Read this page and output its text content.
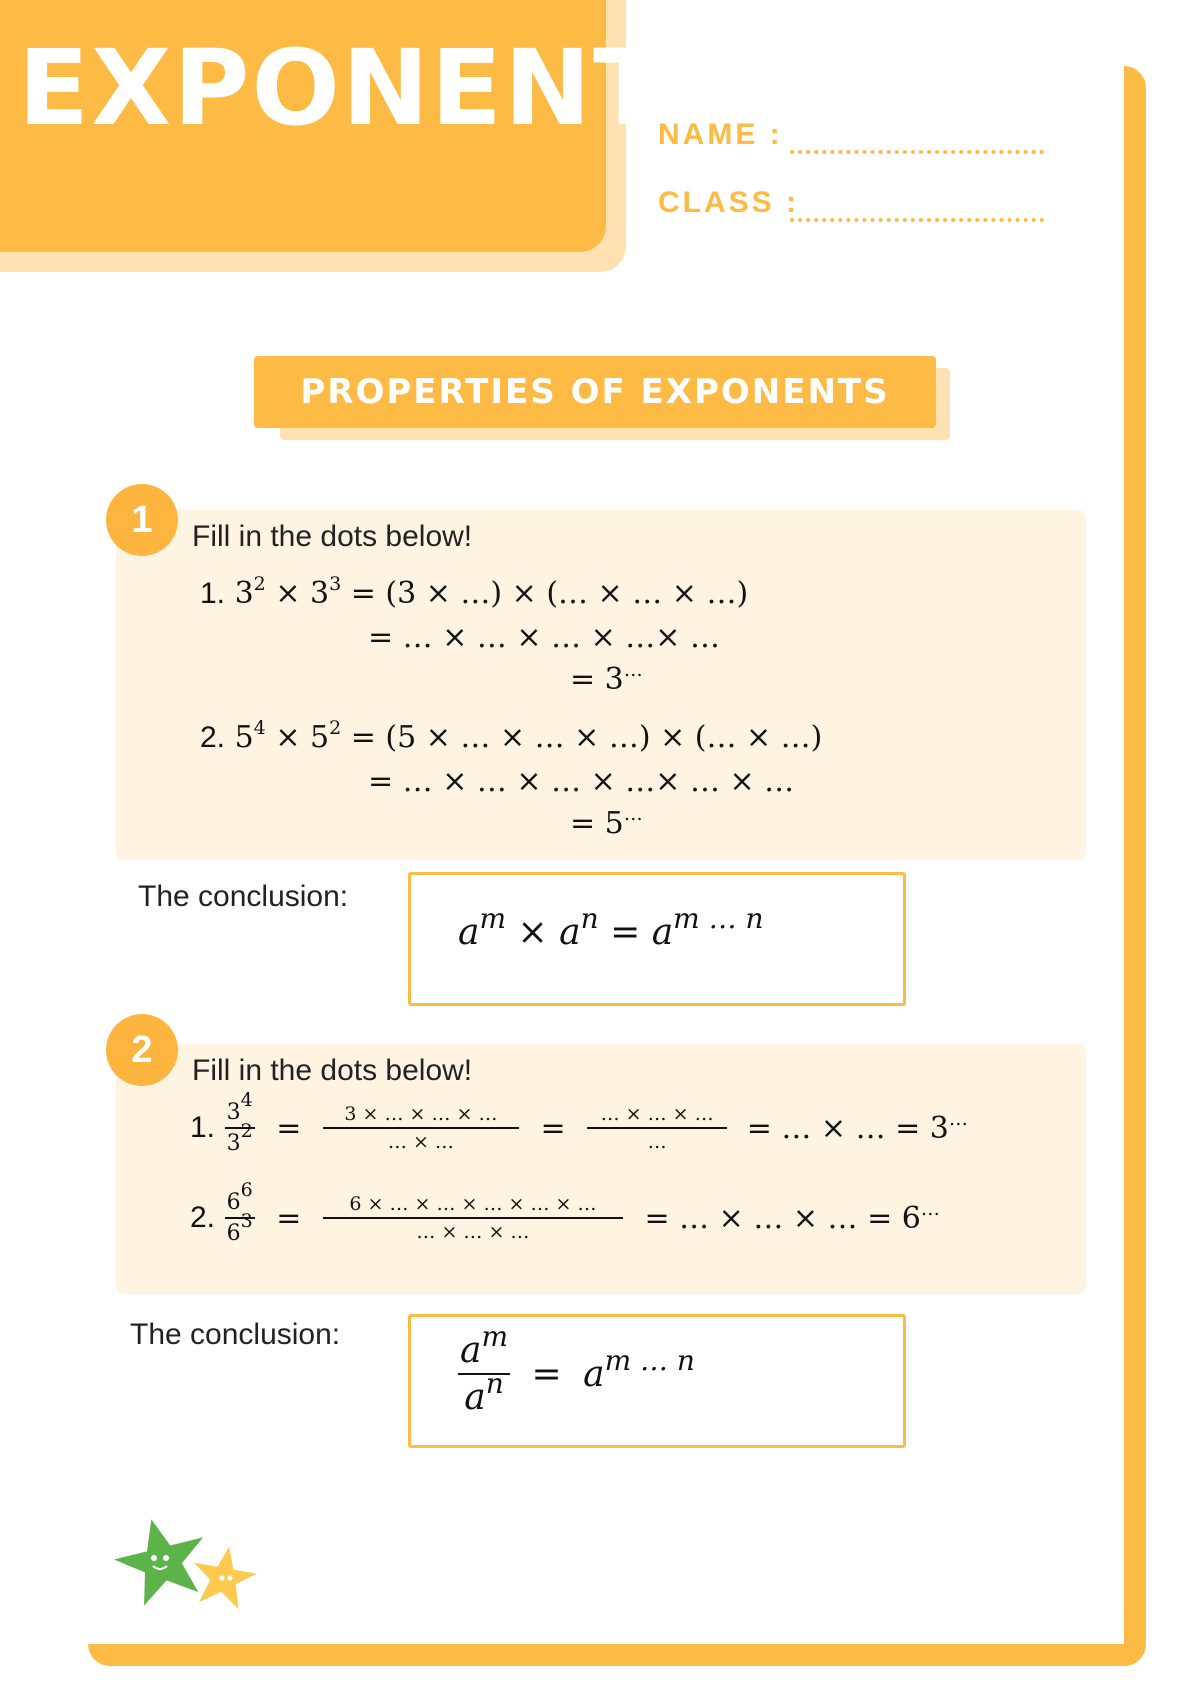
EXPONENT
NAME :
CLASS :
PROPERTIES OF EXPONENTS
1	Fill in the dots below!
1. $3^2 \times 3^3 = (3$ × …) × (… × … × …)
= … × … × … × …× …
= 3…
2. $5^4 \times 5^2 = (5$ × … × … × …) × (… × …)
= … × … × … × …× … × …
= 5…
The conclusion:
$a^m \times a^n = a^{m \dots n}$
2	Fill in the dots below!
1. $\frac{3^4}{3^2} = \frac{3 \times \dots \times \dots \times \dots}{\dots \times \dots} = \frac{\dots \times \dots \times \dots}{\dots}$ = … × … = 3…
2. $\frac{6^6}{6^3} = \frac{6 \times \dots \times \dots \times \dots \times \dots \times \dots}{\dots \times \dots \times \dots}$ = … × … × … = 6…
The conclusion:	$\frac{a^m}{a^n} = a^{m \dots n}$
